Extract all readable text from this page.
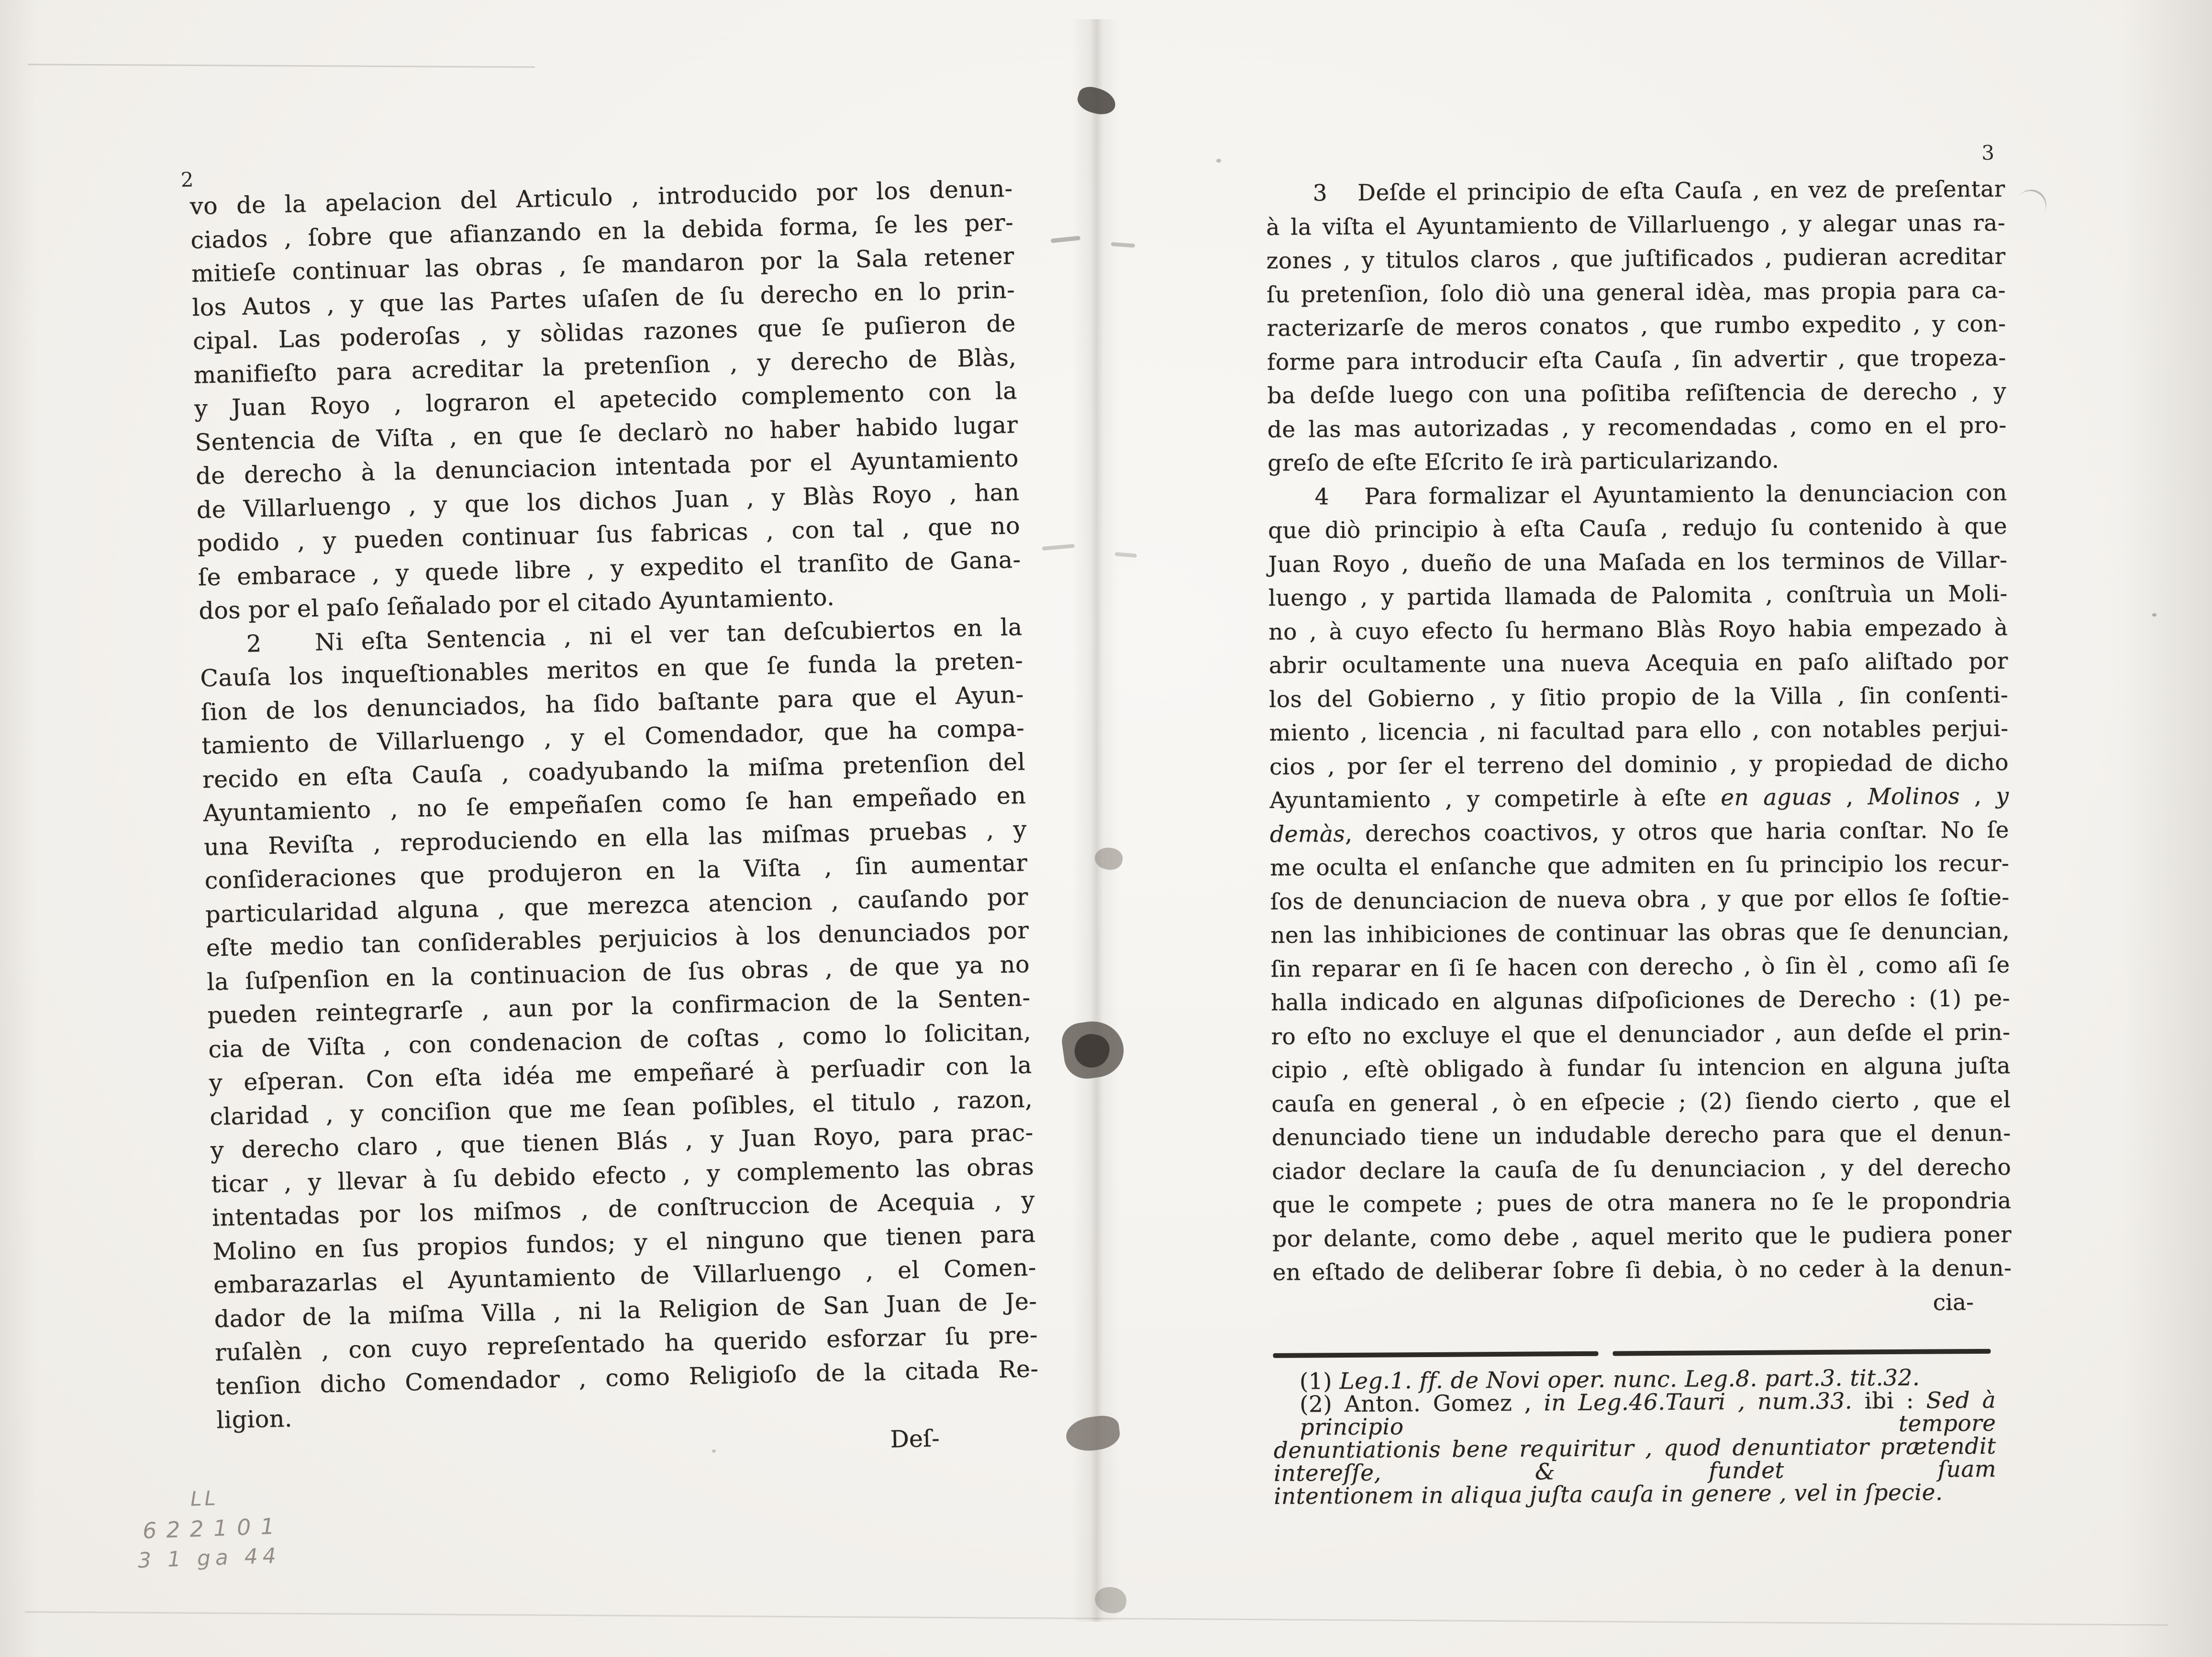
2
vo de la apelacion del Articulo , introducido por los denun-
ciados , ſobre que afianzando en la debida forma, ſe les per-
mitieſe continuar las obras , ſe mandaron por la Sala retener
los Autos , y que las Partes uſaſen de ſu derecho en lo prin-
cipal. Las poderoſas , y sòlidas razones que ſe puſieron de
manifieſto para acreditar la pretenſion , y derecho de Blàs,
y Juan Royo , lograron el apetecido complemento con la
Sentencia de Viſta , en que ſe declarò no haber habido lugar
de derecho à la denunciacion intentada por el Ayuntamiento
de Villarluengo , y que los dichos Juan , y Blàs Royo , han
podido , y pueden continuar ſus fabricas , con tal , que no
ſe embarace , y quede libre , y expedito el tranſito de Gana-
dos por el paſo ſeñalado por el citado Ayuntamiento.
2   Ni eſta Sentencia , ni el ver tan deſcubiertos en la
Cauſa los inqueſtionables meritos en que ſe funda la preten-
ſion de los denunciados, ha ſido baſtante para que el Ayun-
tamiento de Villarluengo , y el Comendador, que ha compa-
recido en eſta Cauſa , coadyubando la miſma pretenſion del
Ayuntamiento , no ſe empeñaſen como ſe han empeñado en
una Reviſta , reproduciendo en ella las miſmas pruebas , y
conſideraciones que produjeron en la Viſta , ſin aumentar
particularidad alguna , que merezca atencion , cauſando por
eſte medio tan conſiderables perjuicios à los denunciados por
la ſuſpenſion en la continuacion de ſus obras , de que ya no
pueden reintegrarſe , aun por la confirmacion de la Senten-
cia de Viſta , con condenacion de coſtas , como lo ſolicitan,
y eſperan. Con eſta idéa me empeñaré à perſuadir con la
claridad , y conciſion que me ſean poſibles, el titulo , razon,
y derecho claro , que tienen Blás , y Juan Royo, para prac-
ticar , y llevar à ſu debido efecto , y complemento las obras
intentadas por los miſmos , de conſtruccion de Acequia , y
Molino en ſus propios fundos; y el ninguno que tienen para
embarazarlas el Ayuntamiento de Villarluengo , el Comen-
dador de la miſma Villa , ni la Religion de San Juan de Je-
ruſalèn , con cuyo repreſentado ha querido esforzar ſu pre-
tenſion dicho Comendador , como Religioſo de la citada Re-
ligion.
Deſ-
3
3   Deſde el principio de eſta Cauſa , en vez de preſentar
à la viſta el Ayuntamiento de Villarluengo , y alegar unas ra-
zones , y titulos claros , que juſtificados , pudieran acreditar
ſu pretenſion, ſolo diò una general idèa, mas propia para ca-
racterizarſe de meros conatos , que rumbo expedito , y con-
forme para introducir eſta Cauſa , ſin advertir , que tropeza-
ba deſde luego con una poſitiba reſiſtencia de derecho , y
de las mas autorizadas , y recomendadas , como en el pro-
greſo de eſte Eſcrito ſe irà particularizando.
4   Para formalizar el Ayuntamiento la denunciacion con
que diò principio à eſta Cauſa , redujo ſu contenido à que
Juan Royo , dueño de una Maſada en los terminos de Villar-
luengo , y partida llamada de Palomita , conſtruìa un Moli-
no , à cuyo efecto ſu hermano Blàs Royo habia empezado à
abrir ocultamente una nueva Acequia en paſo aliſtado por
los del Gobierno , y ſitio propio de la Villa , ſin conſenti-
miento , licencia , ni facultad para ello , con notables perjui-
cios , por ſer el terreno del dominio , y propiedad de dicho
Ayuntamiento , y competirle à eſte en aguas , Molinos , y
demàs, derechos coactivos, y otros que haria conſtar. No ſe
me oculta el enſanche que admiten en ſu principio los recur-
ſos de denunciacion de nueva obra , y que por ellos ſe ſoſtie-
nen las inhibiciones de continuar las obras que ſe denuncian,
ſin reparar en ſi ſe hacen con derecho , ò ſin èl , como aſi ſe
halla indicado en algunas diſpoſiciones de Derecho : (1) pe-
ro eſto no excluye el que el denunciador , aun deſde el prin-
cipio , eſtè obligado à fundar ſu intencion en alguna juſta
cauſa en general , ò en eſpecie ; (2) ſiendo cierto , que el
denunciado tiene un indudable derecho para que el denun-
ciador declare la cauſa de ſu denunciacion , y del derecho
que le compete ; pues de otra manera no ſe le propondria
por delante, como debe , aquel merito que le pudiera poner
en eſtado de deliberar ſobre ſi debia, ò no ceder à la denun-
cia-
(1) Leg.1. ff. de Novi oper. nunc. Leg.8. part.3. tit.32.
(2) Anton. Gomez , in Leg.46.Tauri , num.33. ibi : Sed à principio tempore
denuntiationis bene requiritur , quod denuntiator prætendit intereſſe, & fundet ſuam
intentionem in aliqua juſta cauſa in genere , vel in ſpecie.
LL
622101
3 1 ga 44
